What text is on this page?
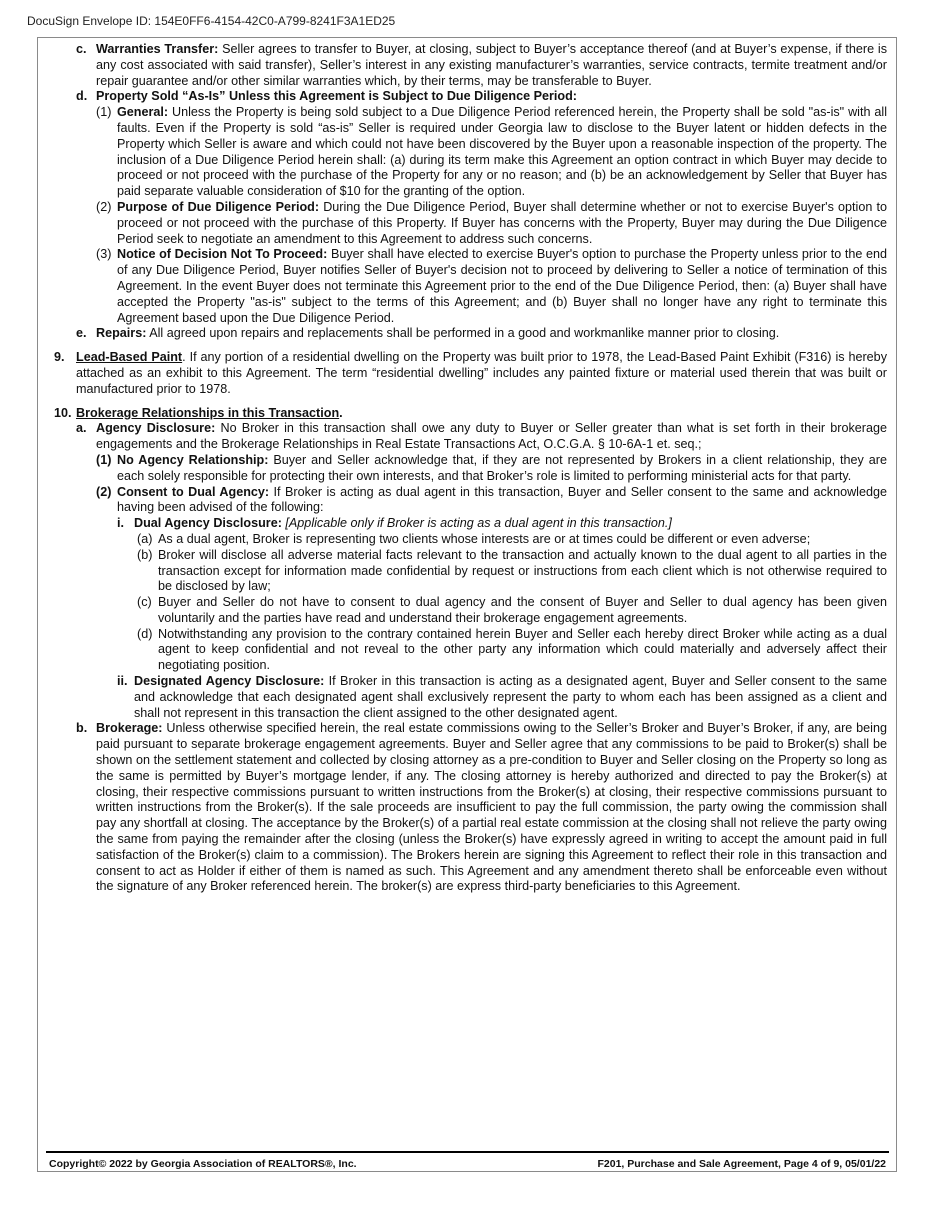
DocuSign Envelope ID: 154E0FF6-4154-42C0-A799-8241F3A1ED25
c. Warranties Transfer: Seller agrees to transfer to Buyer, at closing, subject to Buyer’s acceptance thereof (and at Buyer’s expense, if there is any cost associated with said transfer), Seller’s interest in any existing manufacturer’s warranties, service contracts, termite treatment and/or repair guarantee and/or other similar warranties which, by their terms, may be transferable to Buyer.

d. Property Sold “As-Is” Unless this Agreement is Subject to Due Diligence Period:

(1) General: Unless the Property is being sold subject to a Due Diligence Period referenced herein, the Property shall be sold "as-is" with all faults. Even if the Property is sold “as-is” Seller is required under Georgia law to disclose to the Buyer latent or hidden defects in the Property which Seller is aware and which could not have been discovered by the Buyer upon a reasonable inspection of the property. The inclusion of a Due Diligence Period herein shall: (a) during its term make this Agreement an option contract in which Buyer may decide to proceed or not proceed with the purchase of the Property for any or no reason; and (b) be an acknowledgement by Seller that Buyer has paid separate valuable consideration of $10 for the granting of the option.

(2) Purpose of Due Diligence Period: During the Due Diligence Period, Buyer shall determine whether or not to exercise Buyer's option to proceed or not proceed with the purchase of this Property. If Buyer has concerns with the Property, Buyer may during the Due Diligence Period seek to negotiate an amendment to this Agreement to address such concerns.

(3) Notice of Decision Not To Proceed: Buyer shall have elected to exercise Buyer's option to purchase the Property unless prior to the end of any Due Diligence Period, Buyer notifies Seller of Buyer's decision not to proceed by delivering to Seller a notice of termination of this Agreement. In the event Buyer does not terminate this Agreement prior to the end of the Due Diligence Period, then: (a) Buyer shall have accepted the Property "as-is" subject to the terms of this Agreement; and (b) Buyer shall no longer have any right to terminate this Agreement based upon the Due Diligence Period.

e. Repairs: All agreed upon repairs and replacements shall be performed in a good and workmanlike manner prior to closing.

9. Lead-Based Paint. If any portion of a residential dwelling on the Property was built prior to 1978, the Lead-Based Paint Exhibit (F316) is hereby attached as an exhibit to this Agreement. The term “residential dwelling” includes any painted fixture or material used therein that was built or manufactured prior to 1978.

10. Brokerage Relationships in this Transaction.

a. Agency Disclosure: No Broker in this transaction shall owe any duty to Buyer or Seller greater than what is set forth in their brokerage engagements and the Brokerage Relationships in Real Estate Transactions Act, O.C.G.A. § 10-6A-1 et. seq.;

(1) No Agency Relationship: Buyer and Seller acknowledge that, if they are not represented by Brokers in a client relationship, they are each solely responsible for protecting their own interests, and that Broker’s role is limited to performing ministerial acts for that party.

(2) Consent to Dual Agency: If Broker is acting as dual agent in this transaction, Buyer and Seller consent to the same and acknowledge having been advised of the following:

i. Dual Agency Disclosure: [Applicable only if Broker is acting as a dual agent in this transaction.]

(a) As a dual agent, Broker is representing two clients whose interests are or at times could be different or even adverse;

(b) Broker will disclose all adverse material facts relevant to the transaction and actually known to the dual agent to all parties in the transaction except for information made confidential by request or instructions from each client which is not otherwise required to be disclosed by law;

(c) Buyer and Seller do not have to consent to dual agency and the consent of Buyer and Seller to dual agency has been given voluntarily and the parties have read and understand their brokerage engagement agreements.

(d) Notwithstanding any provision to the contrary contained herein Buyer and Seller each hereby direct Broker while acting as a dual agent to keep confidential and not reveal to the other party any information which could materially and adversely affect their negotiating position.

ii. Designated Agency Disclosure: If Broker in this transaction is acting as a designated agent, Buyer and Seller consent to the same and acknowledge that each designated agent shall exclusively represent the party to whom each has been assigned as a client and shall not represent in this transaction the client assigned to the other designated agent.

b. Brokerage: Unless otherwise specified herein, the real estate commissions owing to the Seller’s Broker and Buyer’s Broker, if any, are being paid pursuant to separate brokerage engagement agreements. Buyer and Seller agree that any commissions to be paid to Broker(s) shall be shown on the settlement statement and collected by closing attorney as a pre-condition to Buyer and Seller closing on the Property so long as the same is permitted by Buyer’s mortgage lender, if any. The closing attorney is hereby authorized and directed to pay the Broker(s) at closing, their respective commissions pursuant to written instructions from the Broker(s) at closing, their respective commissions pursuant to written instructions from the Broker(s). If the sale proceeds are insufficient to pay the full commission, the party owing the commission shall pay any shortfall at closing. The acceptance by the Broker(s) of a partial real estate commission at the closing shall not relieve the party owing the same from paying the remainder after the closing (unless the Broker(s) have expressly agreed in writing to accept the amount paid in full satisfaction of the Broker(s) claim to a commission). The Brokers herein are signing this Agreement to reflect their role in this transaction and consent to act as Holder if either of them is named as such. This Agreement and any amendment thereto shall be enforceable even without the signature of any Broker referenced herein. The broker(s) are express third-party beneficiaries to this Agreement.

Copyright© 2022 by Georgia Association of REALTORS®, Inc.	F201, Purchase and Sale Agreement, Page 4 of 9, 05/01/22
